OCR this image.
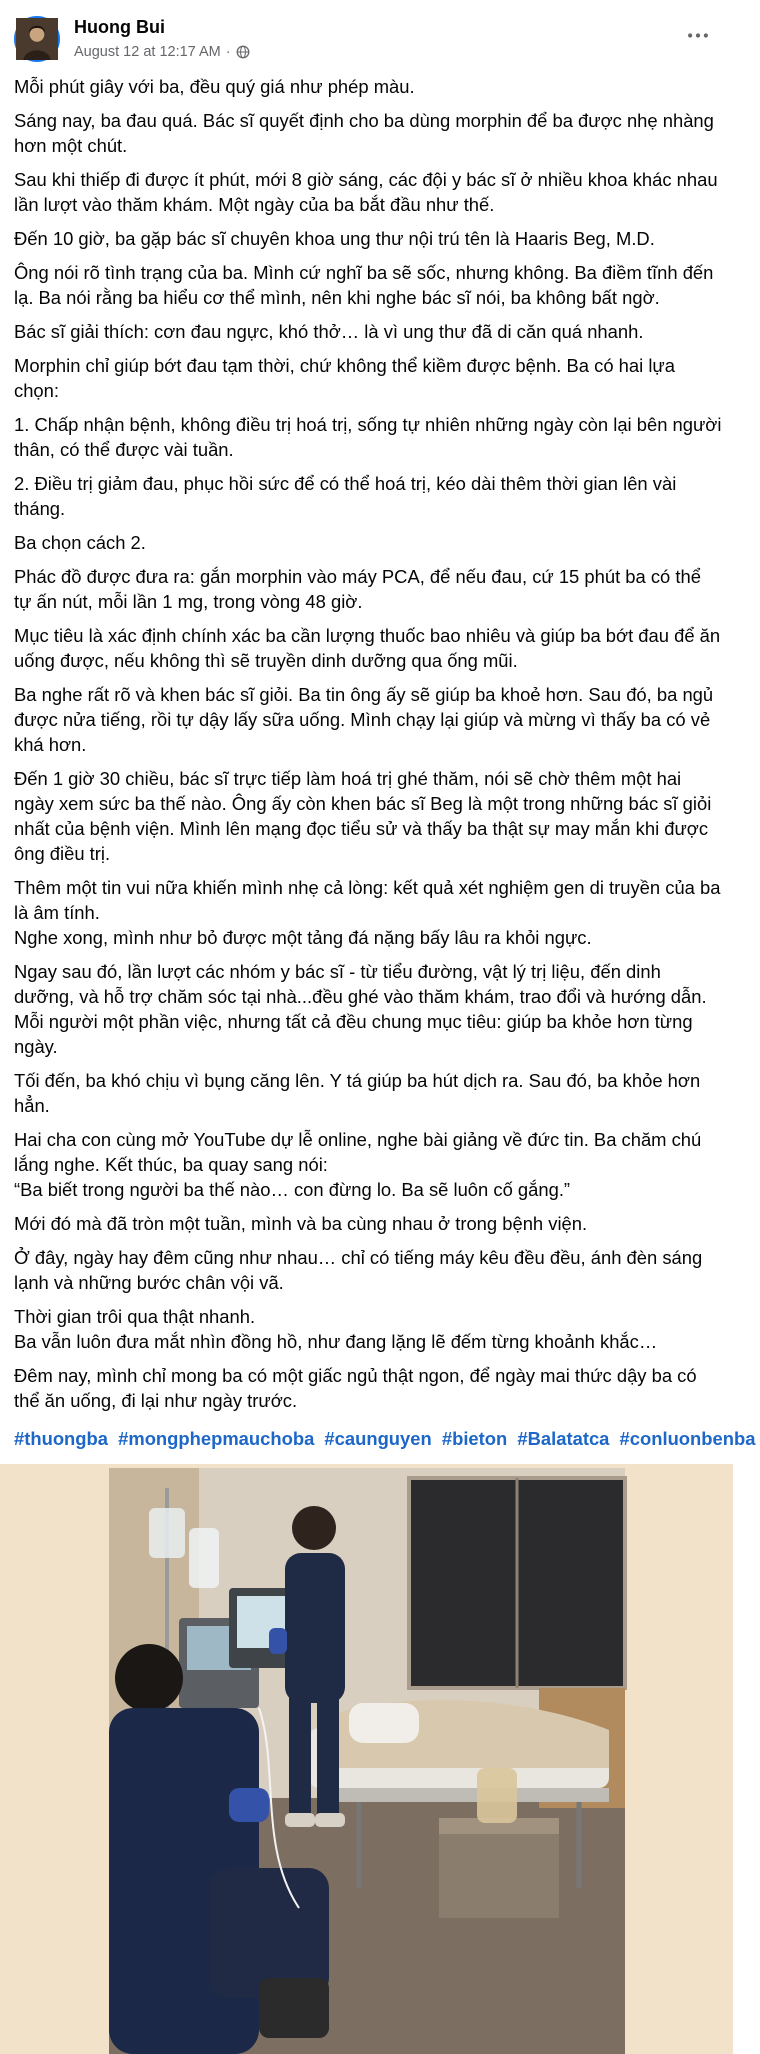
Huong Bui
August 12 at 12:17 AM ·

Mỗi phút giây với ba, đều quý giá như phép màu.

Sáng nay, ba đau quá. Bác sĩ quyết định cho ba dùng morphin để ba được nhẹ nhàng hơn một chút.

Sau khi thiếp đi được ít phút, mới 8 giờ sáng, các đội y bác sĩ ở nhiều khoa khác nhau lần lượt vào thăm khám. Một ngày của ba bắt đầu như thế.

Đến 10 giờ, ba gặp bác sĩ chuyên khoa ung thư nội trú tên là Haaris Beg, M.D.

Ông nói rõ tình trạng của ba. Mình cứ nghĩ ba sẽ sốc, nhưng không. Ba điềm tĩnh đến lạ. Ba nói rằng ba hiểu cơ thể mình, nên khi nghe bác sĩ nói, ba không bất ngờ.

Bác sĩ giải thích: cơn đau ngực, khó thở… là vì ung thư đã di căn quá nhanh.

Morphin chỉ giúp bớt đau tạm thời, chứ không thể kiềm được bệnh. Ba có hai lựa chọn:

1. Chấp nhận bệnh, không điều trị hoá trị, sống tự nhiên những ngày còn lại bên người thân, có thể được vài tuần.

2. Điều trị giảm đau, phục hồi sức để có thể hoá trị, kéo dài thêm thời gian lên vài tháng.

Ba chọn cách 2.

Phác đồ được đưa ra: gắn morphin vào máy PCA, để nếu đau, cứ 15 phút ba có thể tự ấn nút, mỗi lần 1 mg, trong vòng 48 giờ.

Mục tiêu là xác định chính xác ba cần lượng thuốc bao nhiêu và giúp ba bớt đau để ăn uống được, nếu không thì sẽ truyền dinh dưỡng qua ống mũi.

Ba nghe rất rõ và khen bác sĩ giỏi. Ba tin ông ấy sẽ giúp ba khoẻ hơn. Sau đó, ba ngủ được nửa tiếng, rồi tự dậy lấy sữa uống. Mình chạy lại giúp và mừng vì thấy ba có vẻ khá hơn.

Đến 1 giờ 30 chiều, bác sĩ trực tiếp làm hoá trị ghé thăm, nói sẽ chờ thêm một hai ngày xem sức ba thế nào. Ông ấy còn khen bác sĩ Beg là một trong những bác sĩ giỏi nhất của bệnh viện. Mình lên mạng đọc tiểu sử và thấy ba thật sự may mắn khi được ông điều trị.

Thêm một tin vui nữa khiến mình nhẹ cả lòng: kết quả xét nghiệm gen di truyền của ba là âm tính.
Nghe xong, mình như bỏ được một tảng đá nặng bấy lâu ra khỏi ngực.

Ngay sau đó, lần lượt các nhóm y bác sĩ - từ tiểu đường, vật lý trị liệu, đến dinh dưỡng, và hỗ trợ chăm sóc tại nhà...đều ghé vào thăm khám, trao đổi và hướng dẫn.
Mỗi người một phần việc, nhưng tất cả đều chung mục tiêu: giúp ba khỏe hơn từng ngày.

Tối đến, ba khó chịu vì bụng căng lên. Y tá giúp ba hút dịch ra. Sau đó, ba khỏe hơn hẳn.

Hai cha con cùng mở YouTube dự lễ online, nghe bài giảng về đức tin. Ba chăm chú lắng nghe. Kết thúc, ba quay sang nói:
“Ba biết trong người ba thế nào… con đừng lo. Ba sẽ luôn cố gắng.”

Mới đó mà đã tròn một tuần, mình và ba cùng nhau ở trong bệnh viện.

Ở đây, ngày hay đêm cũng như nhau… chỉ có tiếng máy kêu đều đều, ánh đèn sáng lạnh và những bước chân vội vã.

Thời gian trôi qua thật nhanh.
Ba vẫn luôn đưa mắt nhìn đồng hồ, như đang lặng lẽ đếm từng khoảnh khắc…

Đêm nay, mình chỉ mong ba có một giấc ngủ thật ngon, để ngày mai thức dậy ba có thể ăn uống, đi lại như ngày trước.

#thuongba #mongphepmauchoba #caunguyen #bieton #Balatatca #conluonbenba
